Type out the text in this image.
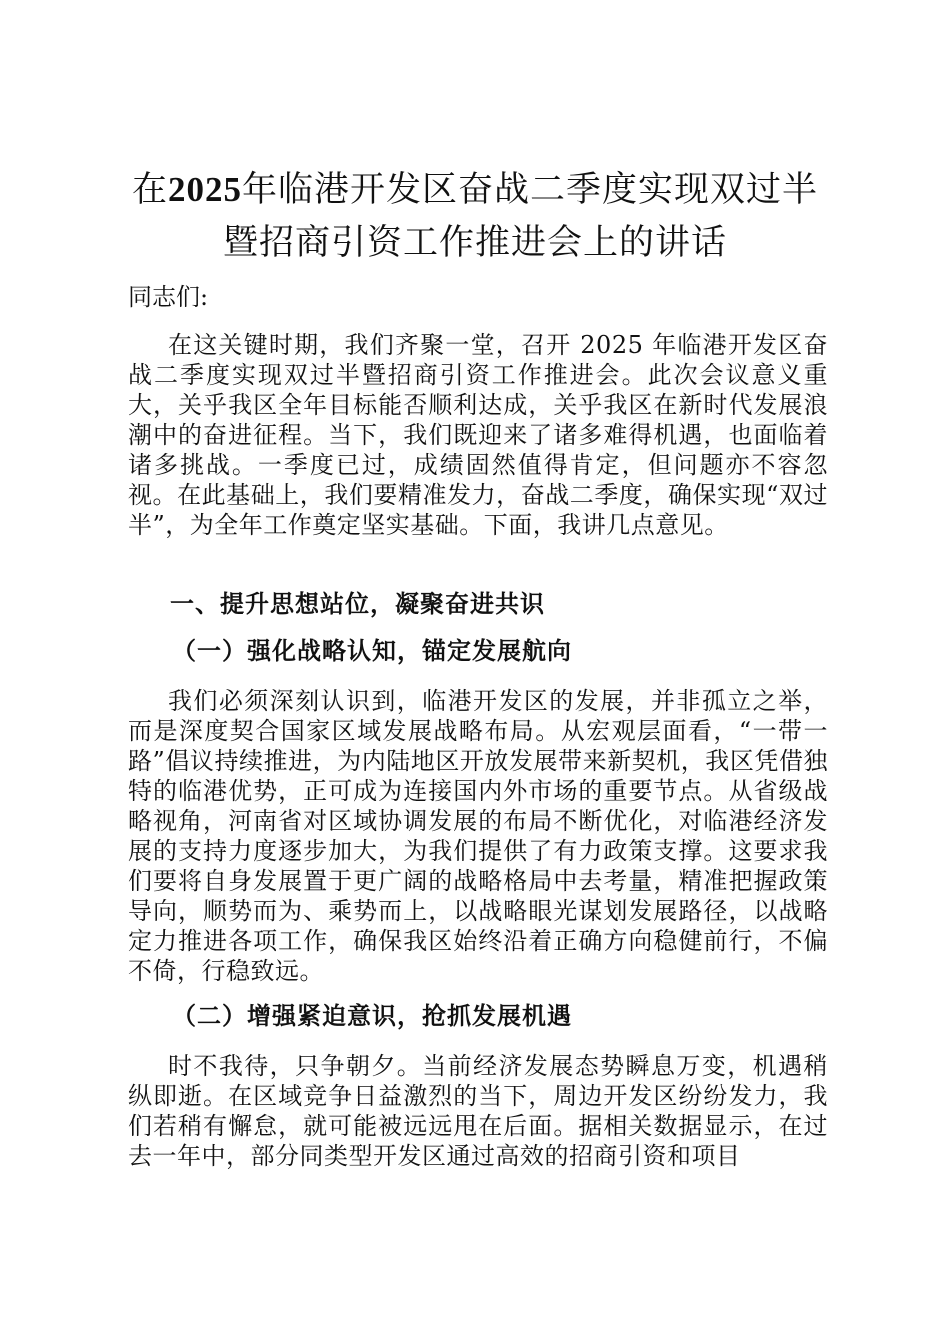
在2025年临港开发区奋战二季度实现双过半
暨招商引资工作推进会上的讲话

同志们:

在这关键时期，我们齐聚一堂，召开 2025 年临港开发区奋战二季度实现双过半暨招商引资工作推进会。此次会议意义重大，关乎我区全年目标能否顺利达成，关乎我区在新时代发展浪潮中的奋进征程。当下，我们既迎来了诸多难得机遇，也面临着诸多挑战。一季度已过，成绩固然值得肯定，但问题亦不容忽视。在此基础上，我们要精准发力，奋战二季度，确保实现“双过半”，为全年工作奠定坚实基础。下面，我讲几点意见。

一、提升思想站位，凝聚奋进共识
（一）强化战略认知，锚定发展航向

我们必须深刻认识到，临港开发区的发展，并非孤立之举，而是深度契合国家区域发展战略布局。从宏观层面看，“一带一路”倡议持续推进，为内陆地区开放发展带来新契机，我区凭借独特的临港优势，正可成为连接国内外市场的重要节点。从省级战略视角，河南省对区域协调发展的布局不断优化，对临港经济发展的支持力度逐步加大，为我们提供了有力政策支撑。这要求我们要将自身发展置于更广阔的战略格局中去考量，精准把握政策导向，顺势而为、乘势而上，以战略眼光谋划发展路径，以战略定力推进各项工作，确保我区始终沿着正确方向稳健前行，不偏不倚，行稳致远。

（二）增强紧迫意识，抢抓发展机遇

时不我待，只争朝夕。当前经济发展态势瞬息万变，机遇稍纵即逝。在区域竞争日益激烈的当下，周边开发区纷纷发力，我们若稍有懈怠，就可能被远远甩在后面。据相关数据显示，在过去一年中，部分同类型开发区通过高效的招商引资和项目
